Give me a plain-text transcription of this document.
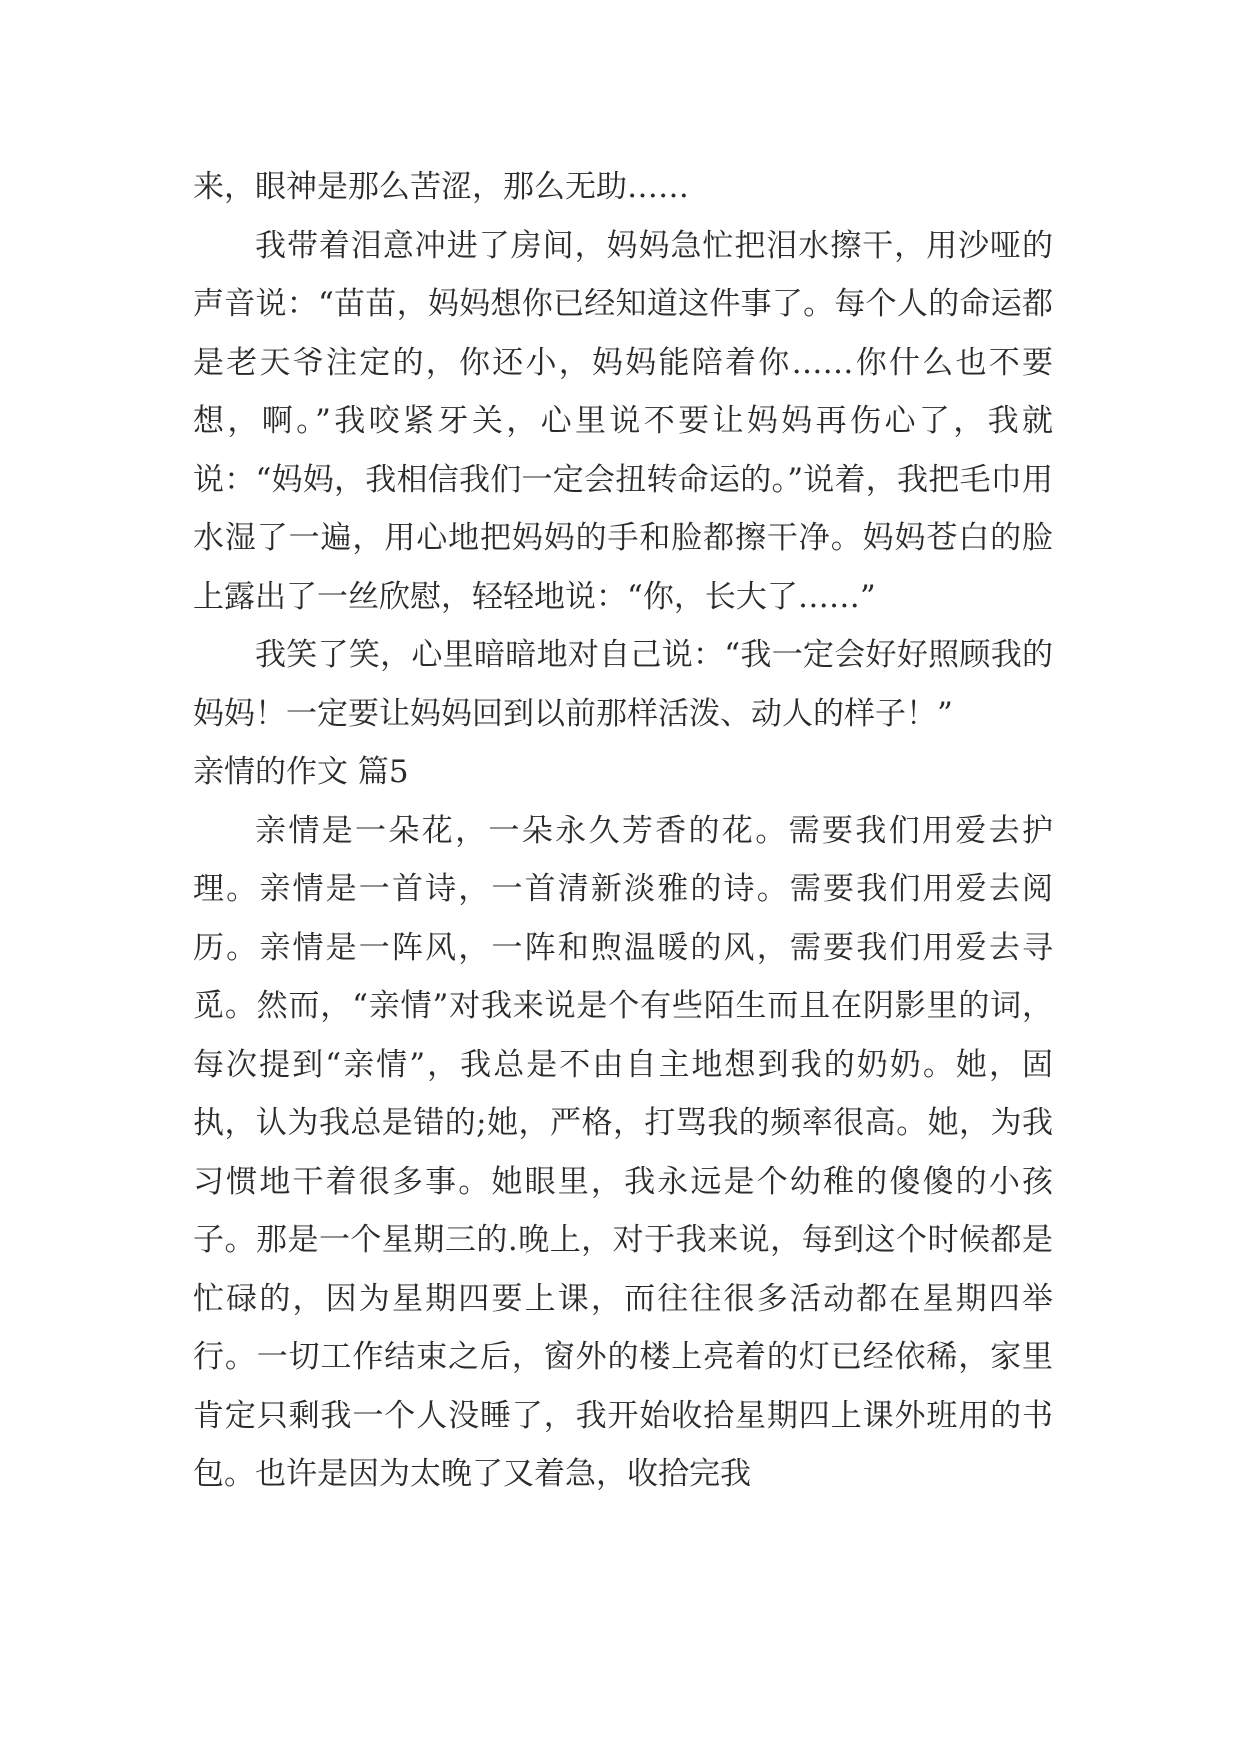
来，眼神是那么苦涩，那么无助……

我带着泪意冲进了房间，妈妈急忙把泪水擦干，用沙哑的声音说：“苗苗，妈妈想你已经知道这件事了。每个人的命运都是老天爷注定的，你还小，妈妈能陪着你……你什么也不要想，啊。”我咬紧牙关，心里说不要让妈妈再伤心了，我就说：“妈妈，我相信我们一定会扭转命运的。”说着，我把毛巾用水湿了一遍，用心地把妈妈的手和脸都擦干净。妈妈苍白的脸上露出了一丝欣慰，轻轻地说：“你，长大了……”

我笑了笑，心里暗暗地对自己说：“我一定会好好照顾我的妈妈！一定要让妈妈回到以前那样活泼、动人的样子！”

亲情的作文 篇5

亲情是一朵花，一朵永久芳香的花。需要我们用爱去护理。亲情是一首诗，一首清新淡雅的诗。需要我们用爱去阅历。亲情是一阵风，一阵和煦温暖的风，需要我们用爱去寻觅。然而，“亲情”对我来说是个有些陌生而且在阴影里的词，每次提到“亲情”，我总是不由自主地想到我的奶奶。她，固执，认为我总是错的;她，严格，打骂我的频率很高。她，为我习惯地干着很多事。她眼里，我永远是个幼稚的傻傻的小孩子。那是一个星期三的.晚上，对于我来说，每到这个时候都是忙碌的，因为星期四要上课，而往往很多活动都在星期四举行。一切工作结束之后，窗外的楼上亮着的灯已经依稀，家里肯定只剩我一个人没睡了，我开始收拾星期四上课外班用的书包。也许是因为太晚了又着急，收拾完我
